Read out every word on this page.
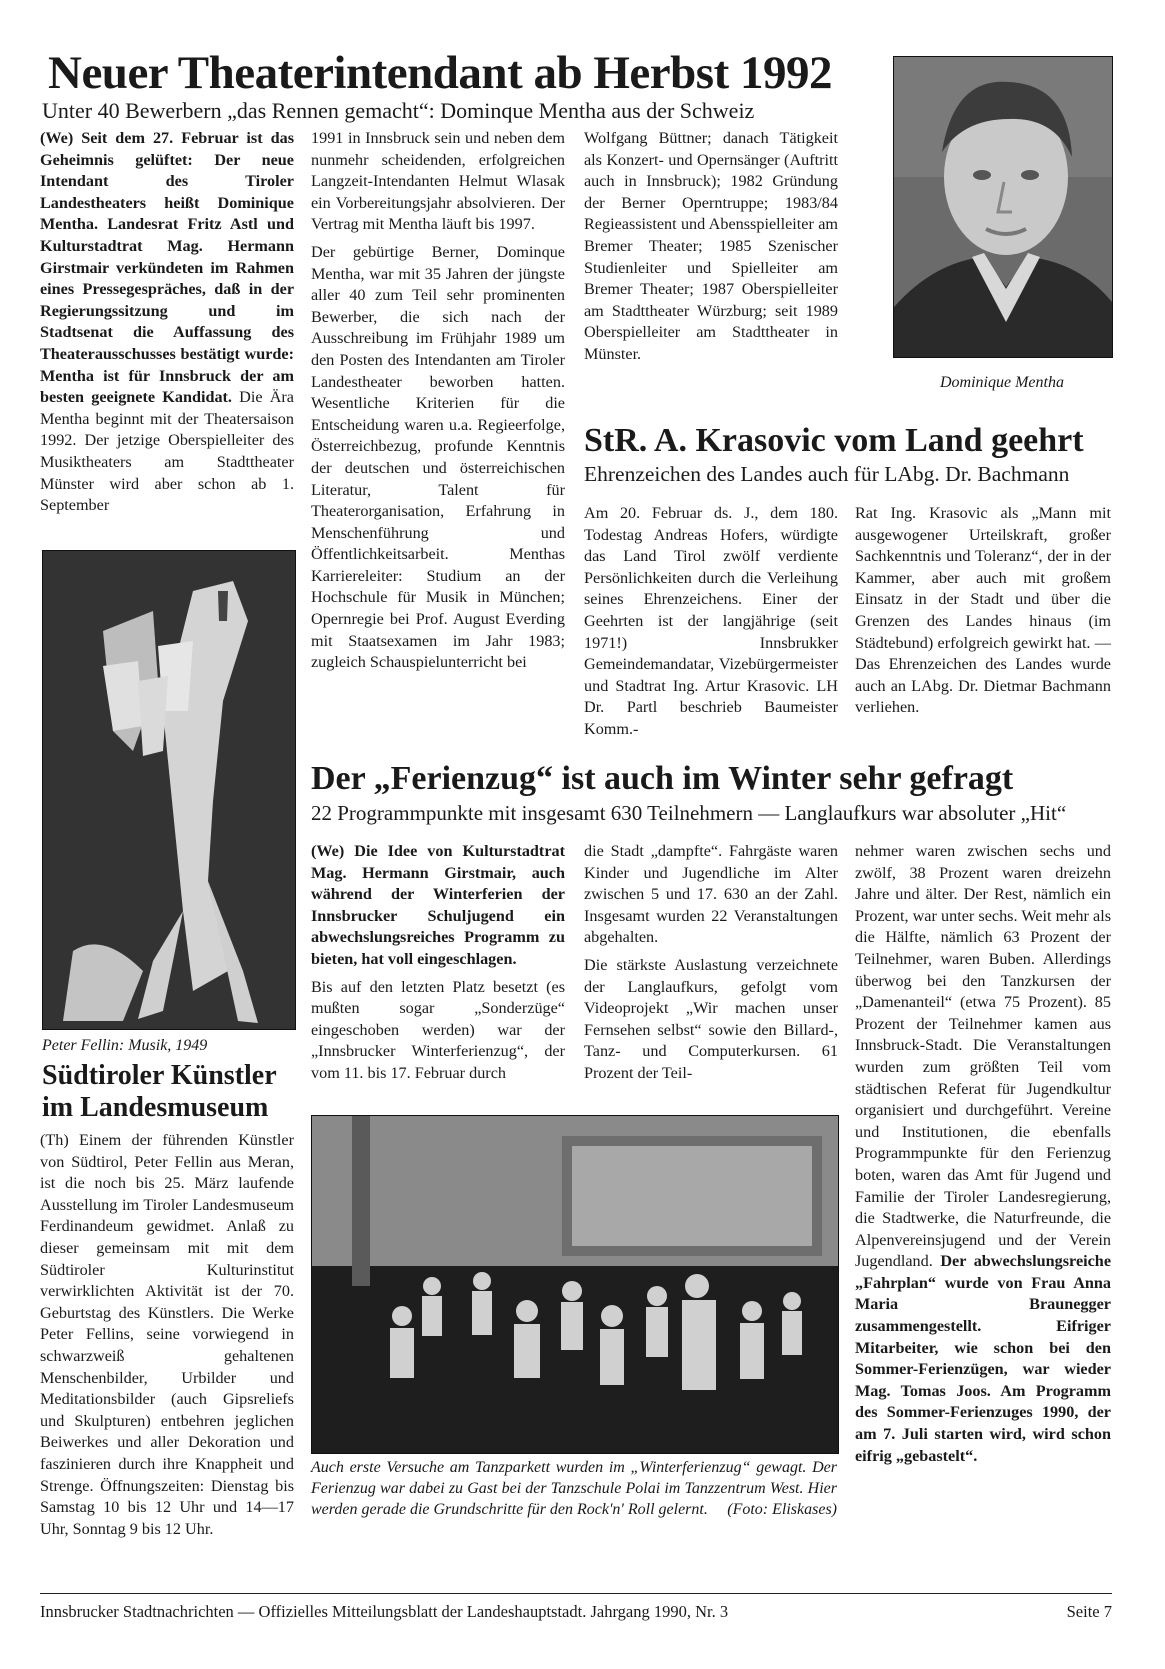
Neuer Theaterintendant ab Herbst 1992
Unter 40 Bewerbern „das Rennen gemacht“: Dominque Mentha aus der Schweiz

(We) Seit dem 27. Februar ist das Geheimnis gelüftet: Der neue Intendant des Tiroler Landestheaters heißt Dominique Mentha. Landesrat Fritz Astl und Kulturstadtrat Mag. Hermann Girstmair verkündeten im Rahmen eines Pressegespräches, daß in der Regierungssitzung und im Stadtsenat die Auffassung des Theaterausschusses bestätigt wurde: Mentha ist für Innsbruck der am besten geeignete Kandidat. Die Ära Mentha beginnt mit der Theatersaison 1992. Der jetzige Oberspielleiter des Musiktheaters am Stadttheater Münster wird aber schon ab 1. September

1991 in Innsbruck sein und neben dem nunmehr scheidenden, erfolgreichen Langzeit-Intendanten Helmut Wlasak ein Vorbereitungsjahr absolvieren. Der Vertrag mit Mentha läuft bis 1997.

Der gebürtige Berner, Dominque Mentha, war mit 35 Jahren der jüngste aller 40 zum Teil sehr prominenten Bewerber, die sich nach der Ausschreibung im Frühjahr 1989 um den Posten des Intendanten am Tiroler Landestheater beworben hatten. Wesentliche Kriterien für die Entscheidung waren u.a. Regieerfolge, Österreichbezug, profunde Kenntnis der deutschen und österreichischen Literatur, Talent für Theaterorganisation, Erfahrung in Menschenführung und Öffentlichkeitsarbeit. Menthas Karriereleiter: Studium an der Hochschule für Musik in München; Opernregie bei Prof. August Everding mit Staatsexamen im Jahr 1983; zugleich Schauspielunterricht bei

Wolfgang Büttner; danach Tätigkeit als Konzert- und Opernsänger (Auftritt auch in Innsbruck); 1982 Gründung der Berner Operntruppe; 1983/84 Regieassistent und Abensspielleiter am Bremer Theater; 1985 Szenischer Studienleiter und Spielleiter am Bremer Theater; 1987 Oberspielleiter am Stadttheater Würzburg; seit 1989 Oberspielleiter am Stadttheater in Münster.
Dominique Mentha
StR. A. Krasovic vom Land geehrt
Ehrenzeichen des Landes auch für LAbg. Dr. Bachmann
Am 20. Februar ds. J., dem 180. Todestag Andreas Hofers, würdigte das Land Tirol zwölf verdiente Persönlichkeiten durch die Verleihung seines Ehrenzeichens. Einer der Geehrten ist der langjährige (seit 1971!) Innsbrukker Gemeindemandatar, Vizebürgermeister und Stadtrat Ing. Artur Krasovic. LH Dr. Partl beschrieb Baumeister Komm.-
Rat Ing. Krasovic als „Mann mit ausgewogener Urteilskraft, großer Sachkenntnis und Toleranz“, der in der Kammer, aber auch mit großem Einsatz in der Stadt und über die Grenzen des Landes hinaus (im Städtebund) erfolgreich gewirkt hat. — Das Ehrenzeichen des Landes wurde auch an LAbg. Dr. Dietmar Bachmann verliehen.
Peter Fellin: Musik, 1949
Südtiroler Künstler
im Landesmuseum
(Th) Einem der führenden Künstler von Südtirol, Peter Fellin aus Meran, ist die noch bis 25. März laufende Ausstellung im Tiroler Landesmuseum Ferdinandeum gewidmet. Anlaß zu dieser gemeinsam mit mit dem Südtiroler Kulturinstitut verwirklichten Aktivität ist der 70. Geburtstag des Künstlers. Die Werke Peter Fellins, seine vorwiegend in schwarzweiß gehaltenen Menschenbilder, Urbilder und Meditationsbilder (auch Gipsreliefs und Skulpturen) entbehren jeglichen Beiwerkes und aller Dekoration und faszinieren durch ihre Knappheit und Strenge. Öffnungszeiten: Dienstag bis Samstag 10 bis 12 Uhr und 14—17 Uhr, Sonntag 9 bis 12 Uhr.
Der „Ferienzug“ ist auch im Winter sehr gefragt
22 Programmpunkte mit insgesamt 630 Teilnehmern — Langlaufkurs war absoluter „Hit“

(We) Die Idee von Kulturstadtrat Mag. Hermann Girstmair, auch während der Winterferien der Innsbrucker Schuljugend ein abwechslungsreiches Programm zu bieten, hat voll eingeschlagen.

Bis auf den letzten Platz besetzt (es mußten sogar „Sonderzüge“ eingeschoben werden) war der „Innsbrucker Winterferienzug“, der vom 11. bis 17. Februar durch

die Stadt „dampfte“. Fahrgäste waren Kinder und Jugendliche im Alter zwischen 5 und 17. 630 an der Zahl. Insgesamt wurden 22 Veranstaltungen abgehalten.

Die stärkste Auslastung verzeichnete der Langlaufkurs, gefolgt vom Videoprojekt „Wir machen unser Fernsehen selbst“ sowie den Billard-, Tanz- und Computerkursen. 61 Prozent der Teil-

nehmer waren zwischen sechs und zwölf, 38 Prozent waren dreizehn Jahre und älter. Der Rest, nämlich ein Prozent, war unter sechs. Weit mehr als die Hälfte, nämlich 63 Prozent der Teilnehmer, waren Buben. Allerdings überwog bei den Tanzkursen der „Damenanteil“ (etwa 75 Prozent). 85 Prozent der Teilnehmer kamen aus Innsbruck-Stadt. Die Veranstaltungen wurden zum größten Teil vom städtischen Referat für Jugendkultur organisiert und durchgeführt. Vereine und Institutionen, die ebenfalls Programmpunkte für den Ferienzug boten, waren das Amt für Jugend und Familie der Tiroler Landesregierung, die Stadtwerke, die Naturfreunde, die Alpenvereinsjugend und der Verein Jugendland. Der abwechslungsreiche „Fahrplan“ wurde von Frau Anna Maria Braunegger zusammengestellt. Eifriger Mitarbeiter, wie schon bei den Sommer-Ferienzügen, war wieder Mag. Tomas Joos. Am Programm des Sommer-Ferienzuges 1990, der am 7. Juli starten wird, wird schon eifrig „gebastelt“.
Auch erste Versuche am Tanzparkett wurden im „Winterferienzug“ gewagt. Der Ferienzug war dabei zu Gast bei der Tanzschule Polai im Tanzzentrum West. Hier werden gerade die Grundschritte für den Rock'n' Roll gelernt. (Foto: Eliskases)
Innsbrucker Stadtnachrichten — Offizielles Mitteilungsblatt der Landeshauptstadt. Jahrgang 1990, Nr. 3	Seite 7
